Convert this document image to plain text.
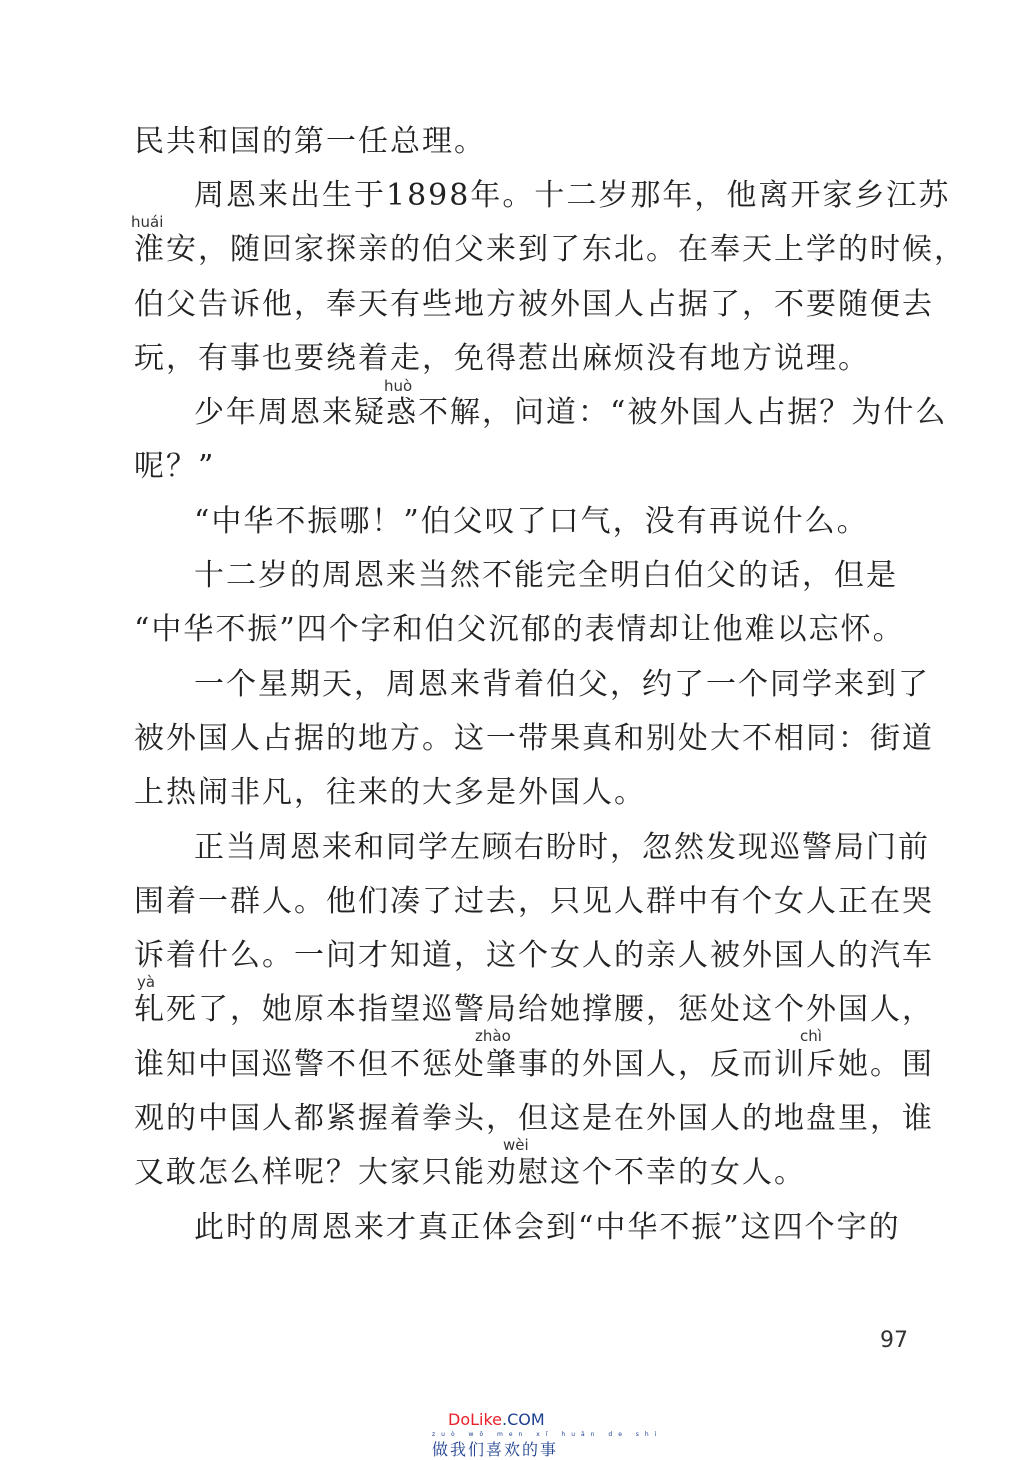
民共和国的第一任总理。
周恩来出生于1898年。十二岁那年，他离开家乡江苏
淮安，随回家探亲的伯父来到了东北。在奉天上学的时候，
伯父告诉他，奉天有些地方被外国人占据了，不要随便去
玩，有事也要绕着走，免得惹出麻烦没有地方说理。
少年周恩来疑惑不解，问道：“被外国人占据？为什么
呢？”
“中华不振哪！”伯父叹了口气，没有再说什么。
十二岁的周恩来当然不能完全明白伯父的话，但是
“中华不振”四个字和伯父沉郁的表情却让他难以忘怀。
一个星期天，周恩来背着伯父，约了一个同学来到了
被外国人占据的地方。这一带果真和别处大不相同：街道
上热闹非凡，往来的大多是外国人。
正当周恩来和同学左顾右盼时，忽然发现巡警局门前
围着一群人。他们凑了过去，只见人群中有个女人正在哭
诉着什么。一问才知道，这个女人的亲人被外国人的汽车
轧死了，她原本指望巡警局给她撑腰，惩处这个外国人，
谁知中国巡警不但不惩处肇事的外国人，反而训斥她。围
观的中国人都紧握着拳头，但这是在外国人的地盘里，谁
又敢怎么样呢？大家只能劝慰这个不幸的女人。
此时的周恩来才真正体会到“中华不振”这四个字的
huái
huò
yà
zhào	chì
wèi
97
DoLike.COM
zuò wǒ men xǐ huān de shì
做我们喜欢的事
